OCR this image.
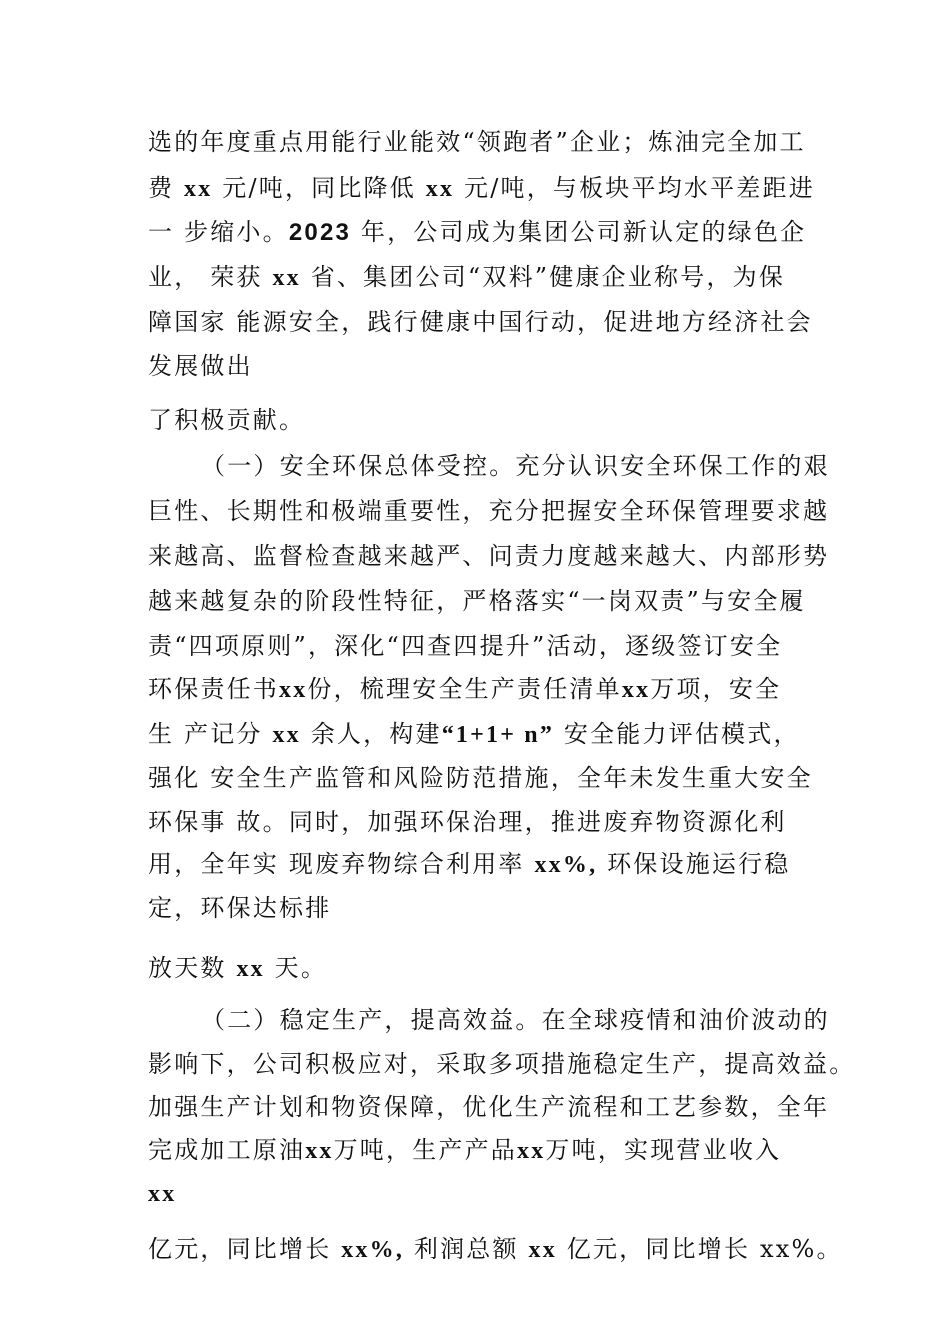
选的年度重点用能行业能效“领跑者”企业；炼油完全加工
费 xx 元/吨，同比降低 xx 元/吨，与板块平均水平差距进
一 步缩小。2023 年，公司成为集团公司新认定的绿色企
业， 荣获 xx 省、集团公司“双料”健康企业称号，为保
障国家 能源安全，践行健康中国行动，促进地方经济社会
发展做出
了积极贡献。
（一）安全环保总体受控。充分认识安全环保工作的艰
巨性、长期性和极端重要性，充分把握安全环保管理要求越
来越高、监督检查越来越严、问责力度越来越大、内部形势
越来越复杂的阶段性特征，严格落实“一岗双责”与安全履
责“四项原则”，深化“四查四提升”活动，逐级签订安全
环保责任书xx份，梳理安全生产责任清单xx万项，安全
生 产记分 xx 余人，构建“1+1+ n” 安全能力评估模式，
强化 安全生产监管和风险防范措施，全年未发生重大安全
环保事 故。同时，加强环保治理，推进废弃物资源化利
用，全年实 现废弃物综合利用率 xx%, 环保设施运行稳
定，环保达标排
放天数 xx 天。
（二）稳定生产，提高效益。在全球疫情和油价波动的
影响下，公司积极应对，采取多项措施稳定生产，提高效益。
加强生产计划和物资保障，优化生产流程和工艺参数，全年
完成加工原油xx万吨，生产产品xx万吨，实现营业收入
xx
亿元，同比增长 xx%, 利润总额 xx 亿元，同比增长 xx%。
